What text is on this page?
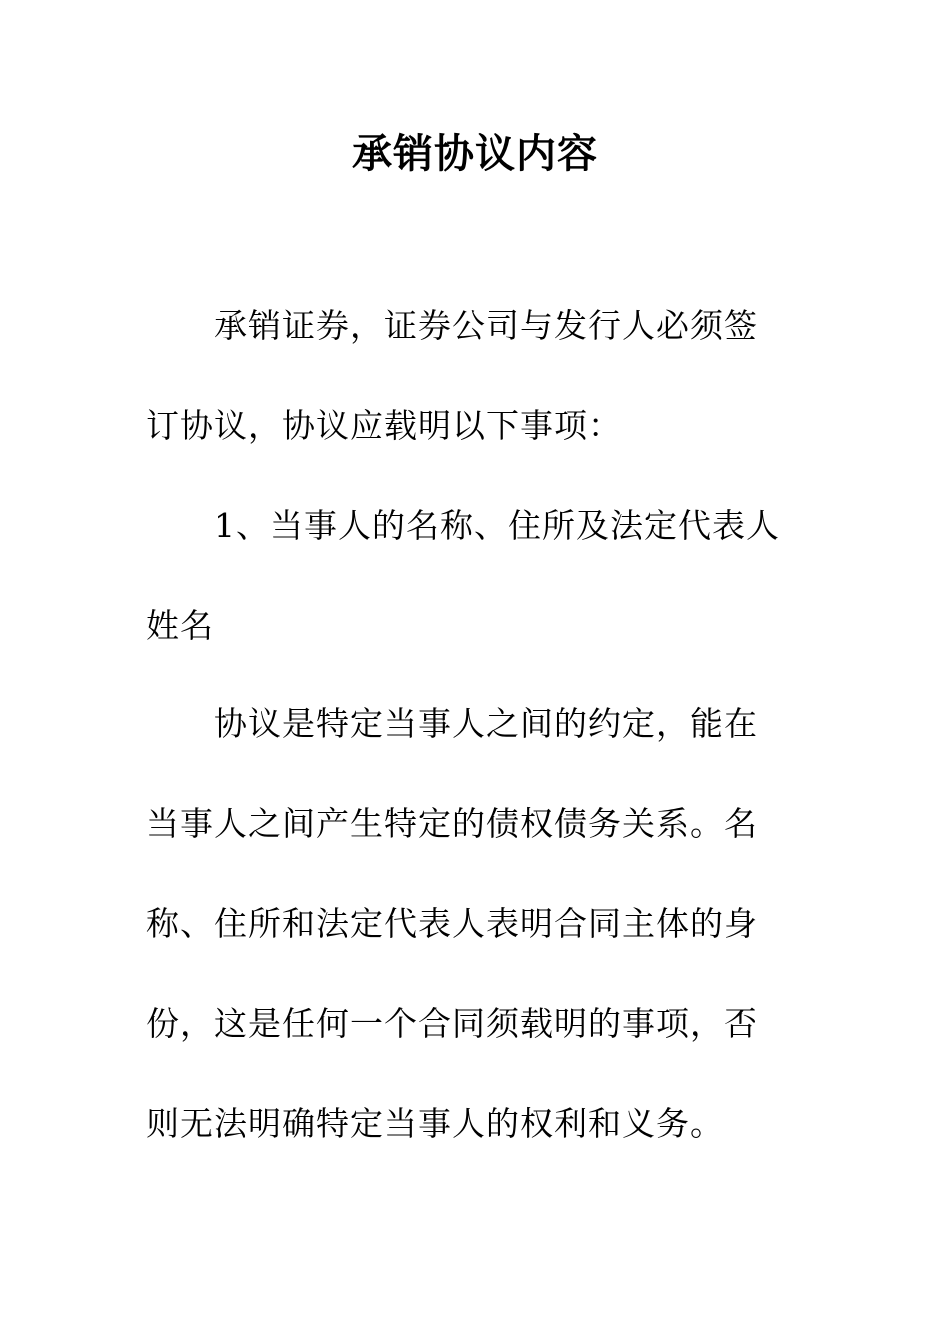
承销协议内容
承销证券，证券公司与发行人必须签
订协议，协议应载明以下事项：
1、当事人的名称、住所及法定代表人
姓名
协议是特定当事人之间的约定，能在
当事人之间产生特定的债权债务关系。名
称、住所和法定代表人表明合同主体的身
份，这是任何一个合同须载明的事项，否
则无法明确特定当事人的权利和义务。
